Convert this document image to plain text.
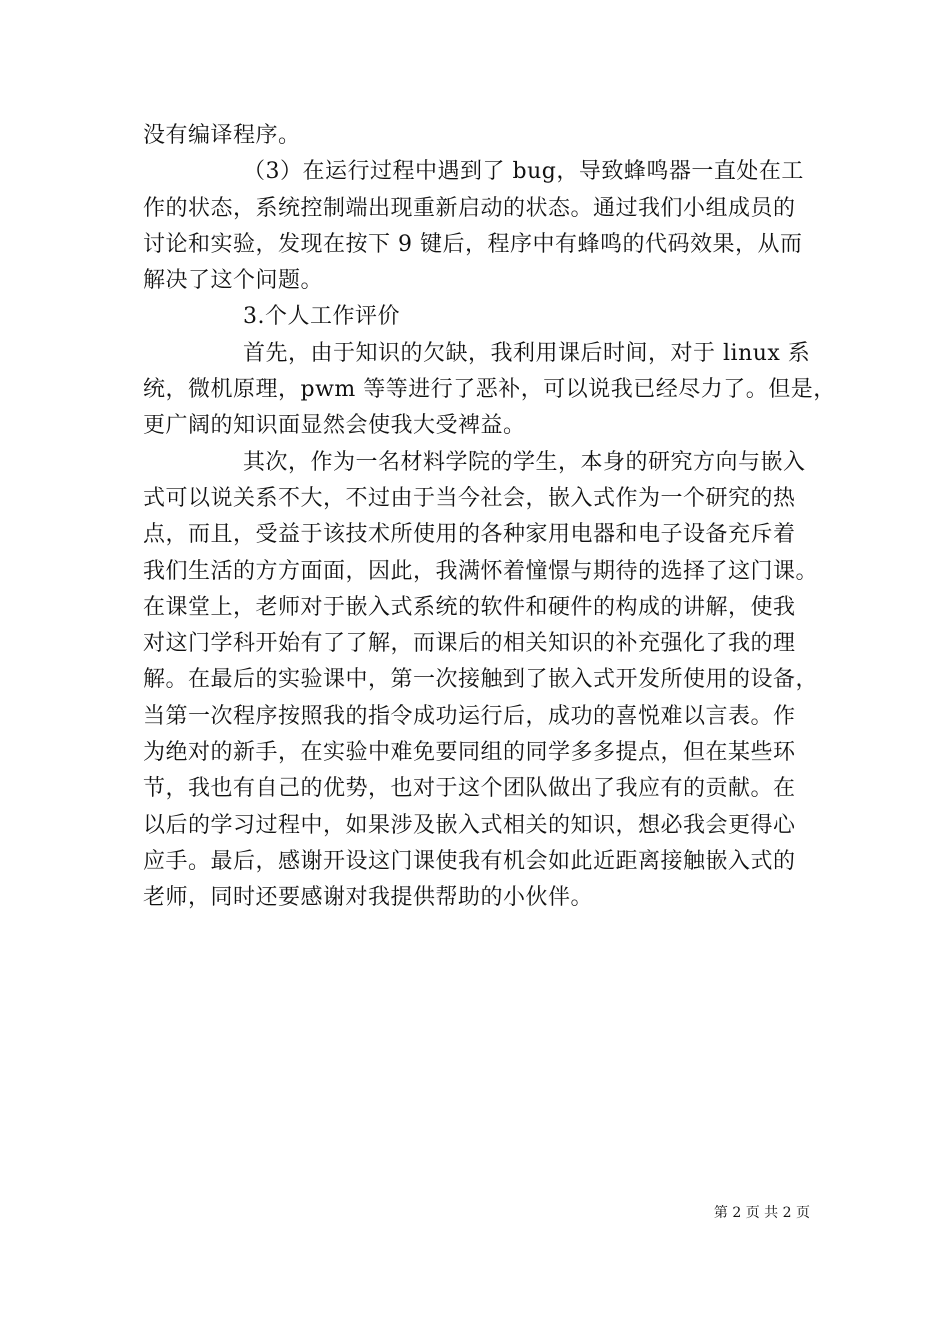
没有编译程序。
（3）在运行过程中遇到了 bug，导致蜂鸣器一直处在工
作的状态，系统控制端出现重新启动的状态。通过我们小组成员的
讨论和实验，发现在按下 9 键后，程序中有蜂鸣的代码效果，从而
解决了这个问题。
3.个人工作评价
首先，由于知识的欠缺，我利用课后时间，对于 linux 系
统，微机原理，pwm 等等进行了恶补，可以说我已经尽力了。但是，
更广阔的知识面显然会使我大受裨益。
其次，作为一名材料学院的学生，本身的研究方向与嵌入
式可以说关系不大，不过由于当今社会，嵌入式作为一个研究的热
点，而且，受益于该技术所使用的各种家用电器和电子设备充斥着
我们生活的方方面面，因此，我满怀着憧憬与期待的选择了这门课。
在课堂上，老师对于嵌入式系统的软件和硬件的构成的讲解，使我
对这门学科开始有了了解，而课后的相关知识的补充强化了我的理
解。在最后的实验课中，第一次接触到了嵌入式开发所使用的设备，
当第一次程序按照我的指令成功运行后，成功的喜悦难以言表。作
为绝对的新手，在实验中难免要同组的同学多多提点，但在某些环
节，我也有自己的优势，也对于这个团队做出了我应有的贡献。在
以后的学习过程中，如果涉及嵌入式相关的知识，想必我会更得心
应手。最后，感谢开设这门课使我有机会如此近距离接触嵌入式的
老师，同时还要感谢对我提供帮助的小伙伴。
第 2 页 共 2 页
